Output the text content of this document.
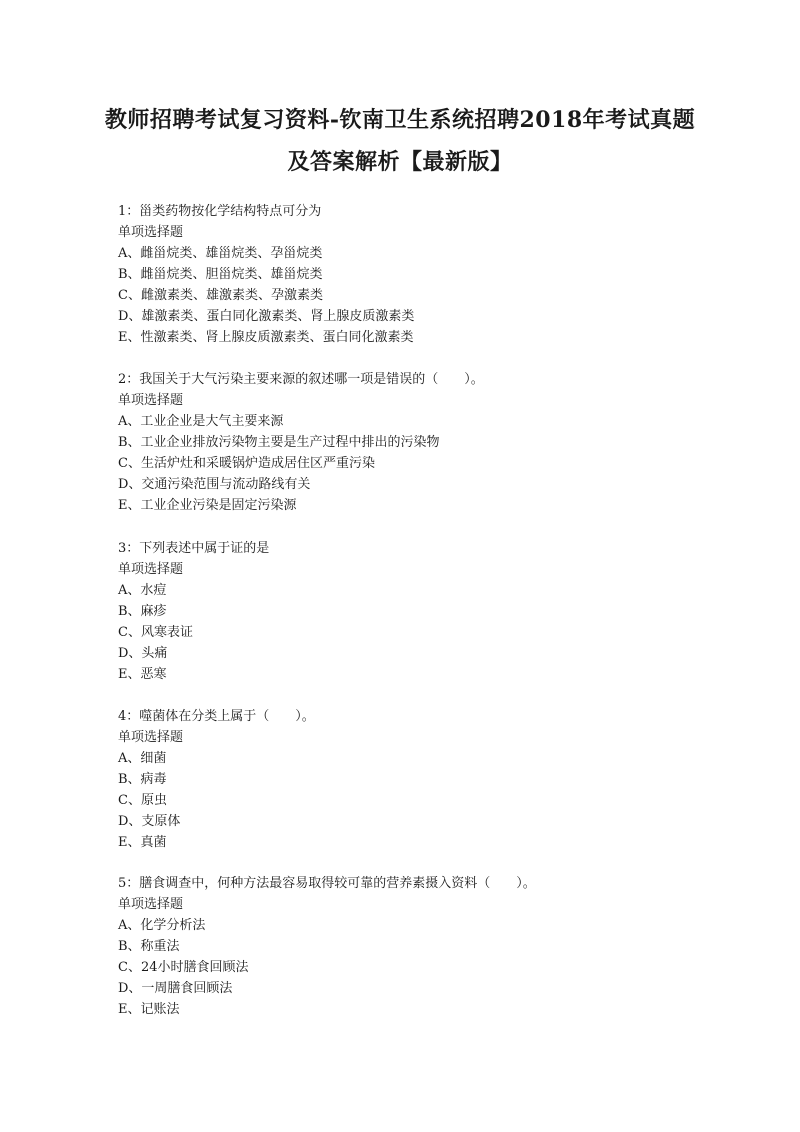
教师招聘考试复习资料-钦南卫生系统招聘2018年考试真题
及答案解析【最新版】
1：甾类药物按化学结构特点可分为
单项选择题
A、雌甾烷类、雄甾烷类、孕甾烷类
B、雌甾烷类、胆甾烷类、雄甾烷类
C、雌激素类、雄激素类、孕激素类
D、雄激素类、蛋白同化激素类、肾上腺皮质激素类
E、性激素类、肾上腺皮质激素类、蛋白同化激素类
2：我国关于大气污染主要来源的叙述哪一项是错误的（　　）。
单项选择题
A、工业企业是大气主要来源
B、工业企业排放污染物主要是生产过程中排出的污染物
C、生活炉灶和采暖锅炉造成居住区严重污染
D、交通污染范围与流动路线有关
E、工业企业污染是固定污染源
3：下列表述中属于证的是
单项选择题
A、水痘
B、麻疹
C、风寒表证
D、头痛
E、恶寒
4：噬菌体在分类上属于（　　）。
单项选择题
A、细菌
B、病毒
C、原虫
D、支原体
E、真菌
5：膳食调查中，何种方法最容易取得较可靠的营养素摄入资料（　　）。
单项选择题
A、化学分析法
B、称重法
C、24小时膳食回顾法
D、一周膳食回顾法
E、记账法
